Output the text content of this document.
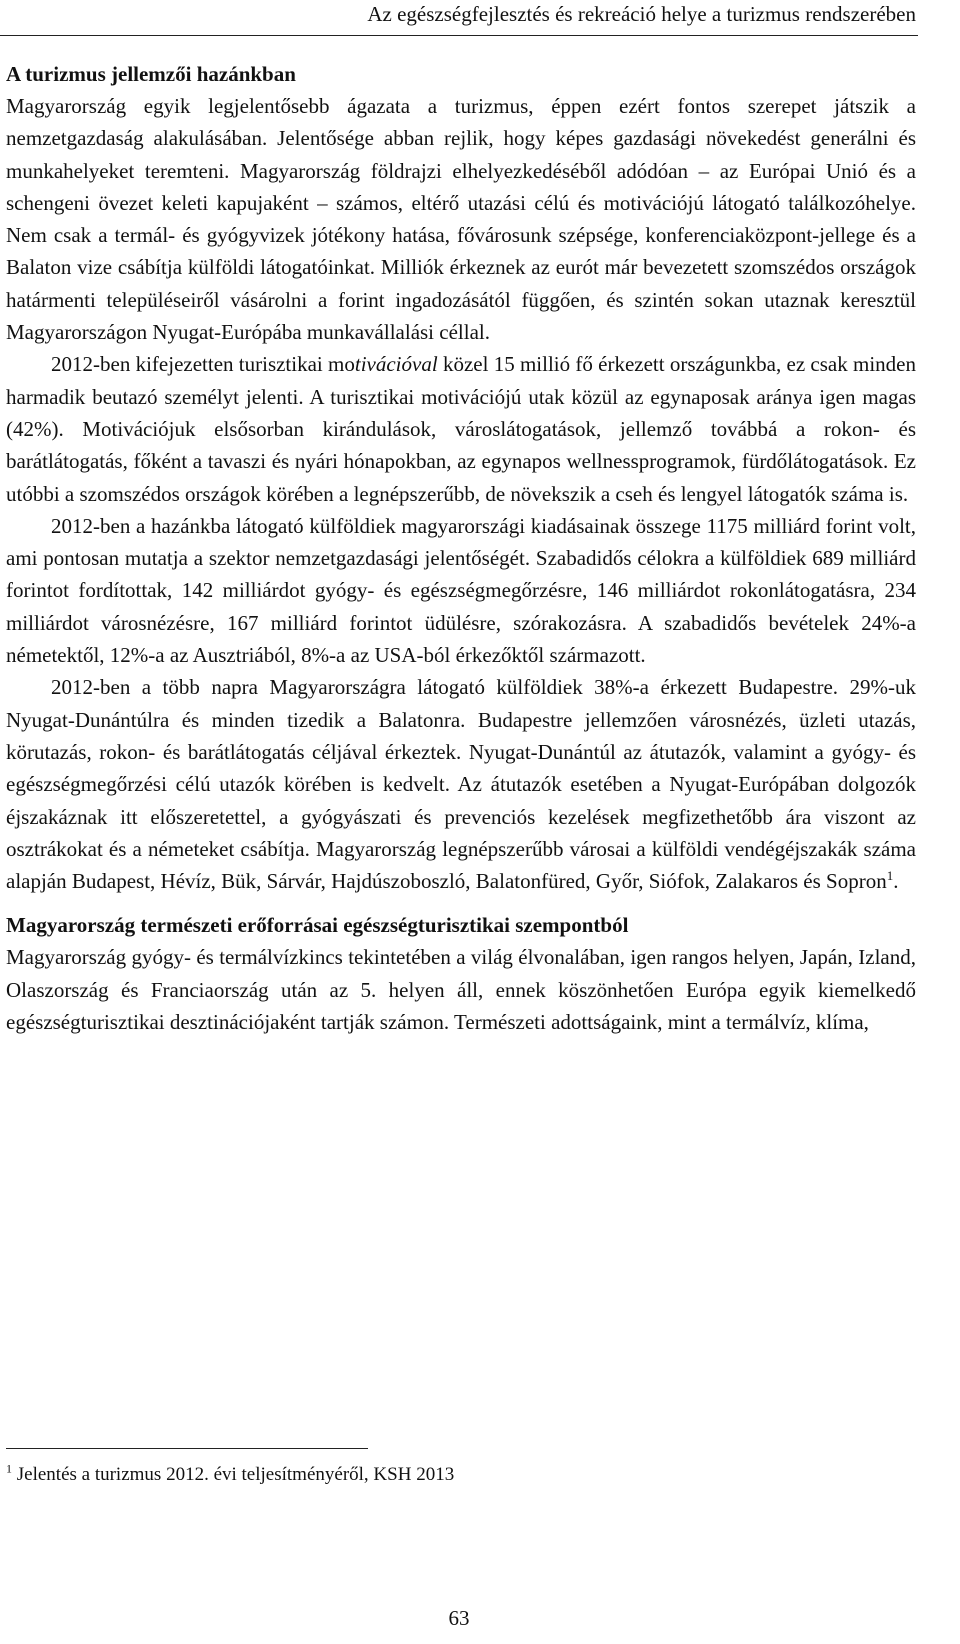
Az egészségfejlesztés és rekreáció helye a turizmus rendszerében
A turizmus jellemzői hazánkban

Magyarország egyik legjelentősebb ágazata a turizmus, éppen ezért fontos szerepet játszik a nemzetgazdaság alakulásában. Jelentősége abban rejlik, hogy képes gazdasági növekedést generálni és munkahelyeket teremteni. Magyarország földrajzi elhelyezkedéséből adódóan – az Európai Unió és a schengeni övezet keleti kapujaként – számos, eltérő utazási célú és motivációjú látogató találkozóhelye. Nem csak a termál- és gyógyvizek jótékony hatása, fővárosunk szépsége, konferenciaközpont-jellege és a Balaton vize csábítja külföldi látogatóinkat. Milliók érkeznek az eurót már bevezetett szomszédos országok határmenti településeiről vásárolni a forint ingadozásától függően, és szintén sokan utaznak keresztül Magyarországon Nyugat-Európába munkavállalási céllal.

2012-ben kifejezetten turisztikai motivációval közel 15 millió fő érkezett országunkba, ez csak minden harmadik beutazó személyt jelenti. A turisztikai motivációjú utak közül az egynaposak aránya igen magas (42%). Motivációjuk elsősorban kirándulások, városlátogatások, jellemző továbbá a rokon- és barátlátogatás, főként a tavaszi és nyári hónapokban, az egynapos wellnessprogramok, fürdőlátogatások. Ez utóbbi a szomszédos országok körében a legnépszerűbb, de növekszik a cseh és lengyel látogatók száma is.

2012-ben a hazánkba látogató külföldiek magyarországi kiadásainak összege 1175 milliárd forint volt, ami pontosan mutatja a szektor nemzetgazdasági jelentőségét. Szabadidős célokra a külföldiek 689 milliárd forintot fordítottak, 142 milliárdot gyógy- és egészségmegőrzésre, 146 milliárdot rokonlátogatásra, 234 milliárdot városnézésre, 167 milliárd forintot üdülésre, szórakozásra. A szabadidős bevételek 24%-a németektől, 12%-a az Ausztriából, 8%-a az USA-ból érkezőktől származott.

2012-ben a több napra Magyarországra látogató külföldiek 38%-a érkezett Budapestre. 29%-uk Nyugat-Dunántúlra és minden tizedik a Balatonra. Budapestre jellemzően városnézés, üzleti utazás, körutazás, rokon- és barátlátogatás céljával érkeztek. Nyugat-Dunántúl az átutazók, valamint a gyógy- és egészségmegőrzési célú utazók körében is kedvelt. Az átutazók esetében a Nyugat-Európában dolgozók éjszakáznak itt előszeretettel, a gyógyászati és prevenciós kezelések megfizethetőbb ára viszont az osztrákokat és a németeket csábítja. Magyarország legnépszerűbb városai a külföldi vendégéjszakák száma alapján Budapest, Hévíz, Bük, Sárvár, Hajdúszoboszló, Balatonfüred, Győr, Siófok, Zalakaros és Sopron$^1$.

Magyarország természeti erőforrásai egészségturisztikai szempontból

Magyarország gyógy- és termálvízkincs tekintetében a világ élvonalában, igen rangos helyen, Japán, Izland, Olaszország és Franciaország után az 5. helyen áll, ennek köszönhetően Európa egyik kiemelkedő egészségturisztikai desztinációjaként tartják számon. Természeti adottságaink, mint a termálvíz, klíma,

$^1$ Jelentés a turizmus 2012. évi teljesítményéről, KSH 2013
63
